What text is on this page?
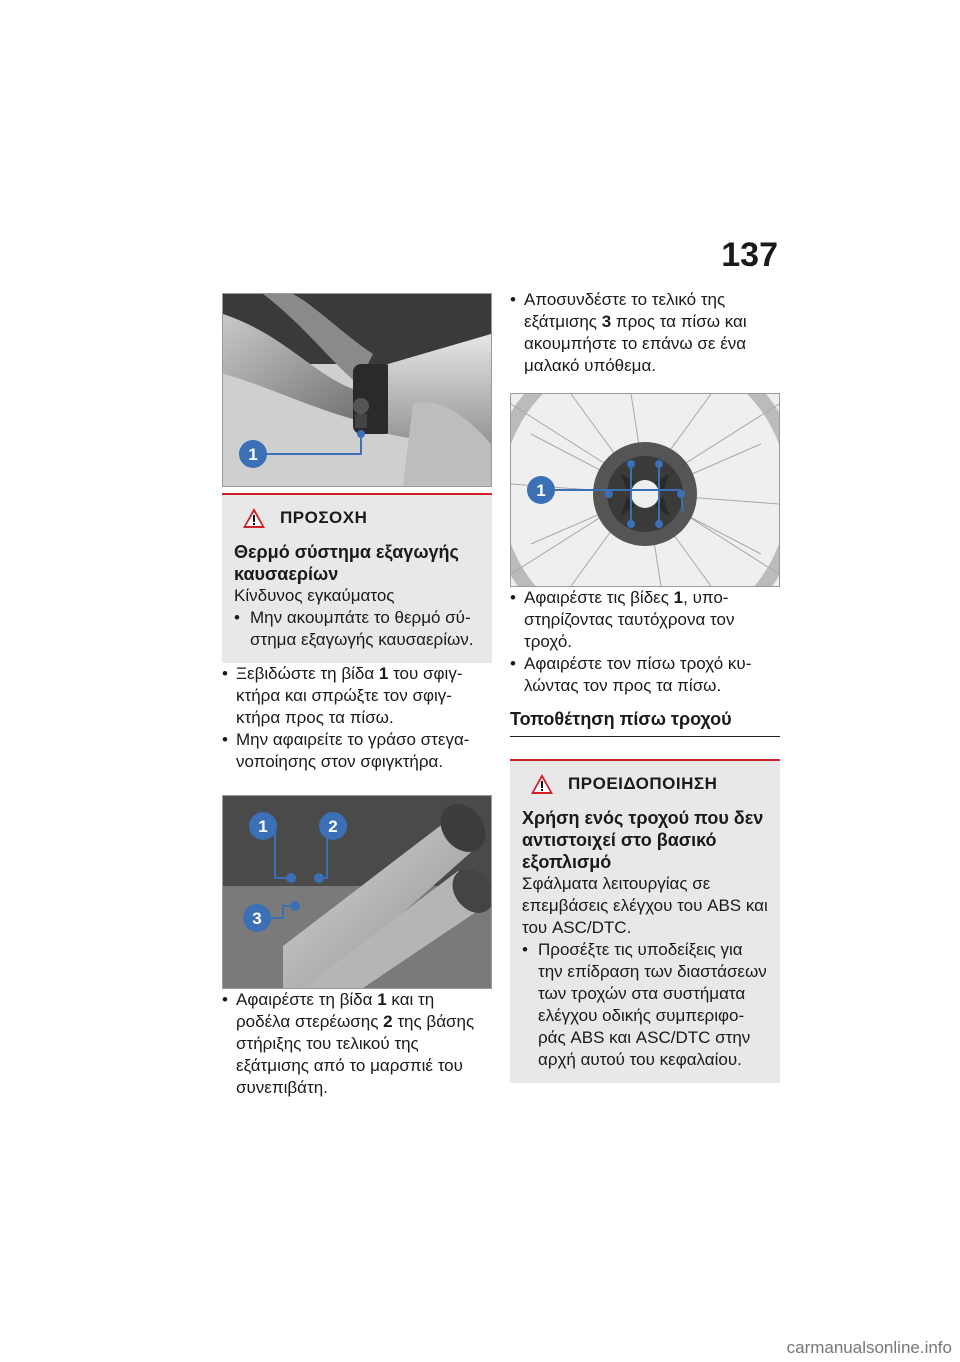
137
1
ΠΡΟΣΟΧΗ
Θερμό σύστημα εξαγωγής καυσαερίων
Κίνδυνος εγκαύματος
• Μην ακουμπάτε το θερμό σύ-στημα εξαγωγής καυσαερίων.
• Ξεβιδώστε τη βίδα 1 του σφιγ-κτήρα και σπρώξτε τον σφιγ-κτήρα προς τα πίσω.
• Μην αφαιρείτε το γράσο στεγα-νοποίησης στον σφιγκτήρα.
1	2
3
• Αφαιρέστε τη βίδα 1 και τη ροδέλα στερέωσης 2 της βάσης στήριξης του τελικού της εξάτμισης από το μαρσπιέ του συνεπιβάτη.
• Αποσυνδέστε το τελικό της εξάτμισης 3 προς τα πίσω και ακουμπήστε το επάνω σε ένα μαλακό υπόθεμα.
1
• Αφαιρέστε τις βίδες 1, υπο-στηρίζοντας ταυτόχρονα τον τροχό.
• Αφαιρέστε τον πίσω τροχό κυ-λώντας τον προς τα πίσω.
Τοποθέτηση πίσω τροχού
ΠΡΟΕΙΔΟΠΟΙΗΣΗ
Χρήση ενός τροχού που δεν αντιστοιχεί στο βασικό εξοπλισμό
Σφάλματα λειτουργίας σε επεμβάσεις ελέγχου του ABS και του ASC/DTC.
• Προσέξτε τις υποδείξεις για την επίδραση των διαστάσεων των τροχών στα συστήματα ελέγχου οδικής συμπεριφο-ράς ABS και ASC/DTC στην αρχή αυτού του κεφαλαίου.
carmanualsonline.info
